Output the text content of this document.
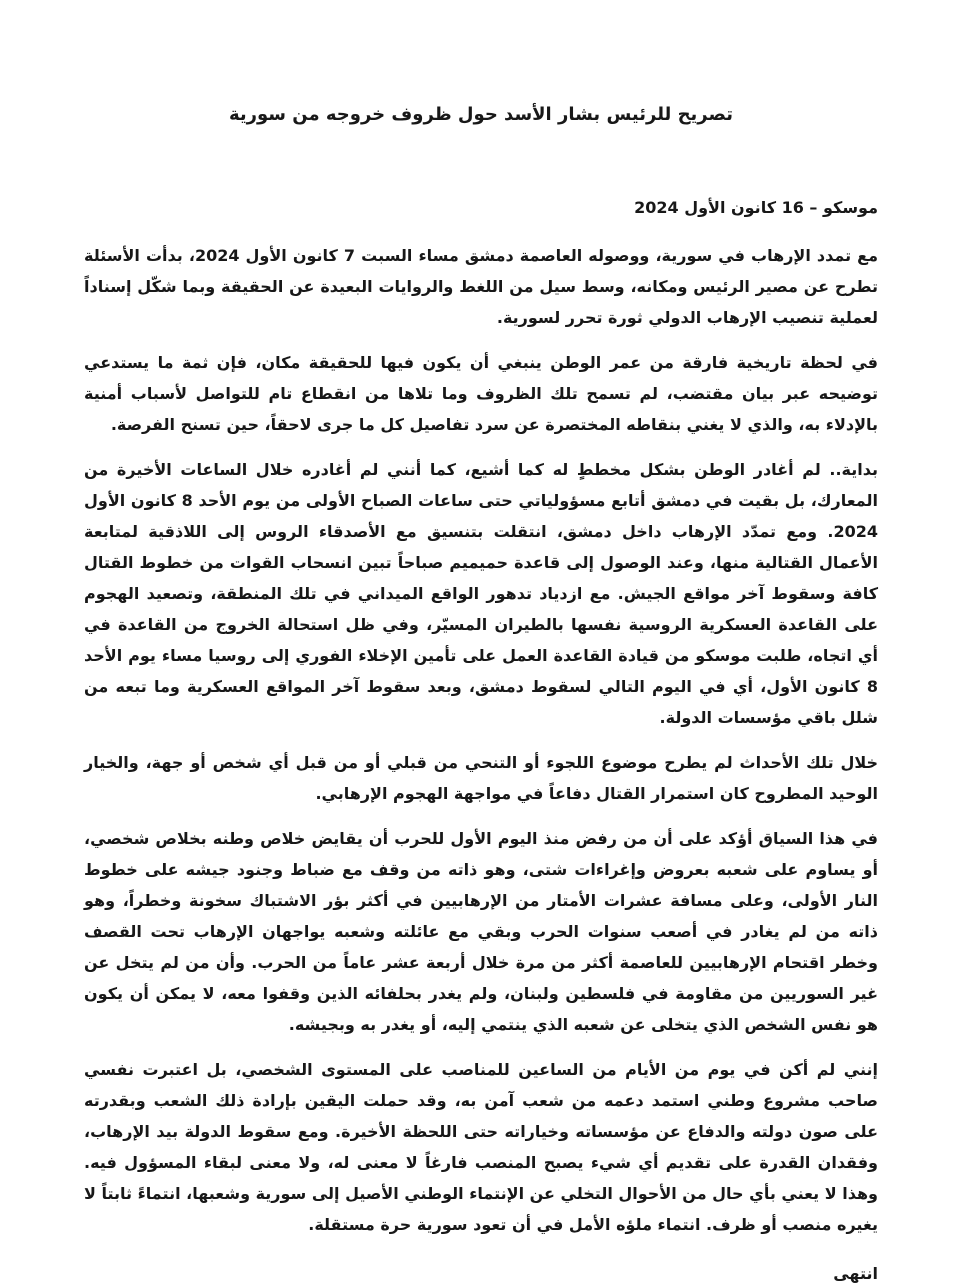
تصريح للرئيس بشار الأسد حول ظروف خروجه من سورية
موسكو – 16 كانون الأول 2024

مع تمدد الإرهاب في سورية، ووصوله العاصمة دمشق مساء السبت 7 كانون الأول 2024، بدأت الأسئلة تطرح عن مصير الرئيس ومكانه، وسط سيل من اللغط والروايات البعيدة عن الحقيقة وبما شكّل إسناداً لعملية تنصيب الإرهاب الدولي ثورة تحرر لسورية.

في لحظة تاريخية فارقة من عمر الوطن ينبغي أن يكون فيها للحقيقة مكان، فإن ثمة ما يستدعي توضيحه عبر بيان مقتضب، لم تسمح تلك الظروف وما تلاها من انقطاع تام للتواصل لأسباب أمنية بالإدلاء به، والذي لا يغني بنقاطه المختصرة عن سرد تفاصيل كل ما جرى لاحقاً، حين تسنح الفرصة.

بداية.. لم أغادر الوطن بشكل مخططٍ له كما أشيع، كما أنني لم أغادره خلال الساعات الأخيرة من المعارك، بل بقيت في دمشق أتابع مسؤولياتي حتى ساعات الصباح الأولى من يوم الأحد 8 كانون الأول 2024. ومع تمدّد الإرهاب داخل دمشق، انتقلت بتنسيق مع الأصدقاء الروس إلى اللاذقية لمتابعة الأعمال القتالية منها، وعند الوصول إلى قاعدة حميميم صباحاً تبين انسحاب القوات من خطوط القتال كافة وسقوط آخر مواقع الجيش. مع ازدياد تدهور الواقع الميداني في تلك المنطقة، وتصعيد الهجوم على القاعدة العسكرية الروسية نفسها بالطيران المسيّر، وفي ظل استحالة الخروج من القاعدة في أي اتجاه، طلبت موسكو من قيادة القاعدة العمل على تأمين الإخلاء الفوري إلى روسيا مساء يوم الأحد 8 كانون الأول، أي في اليوم التالي لسقوط دمشق، وبعد سقوط آخر المواقع العسكرية وما تبعه من شلل باقي مؤسسات الدولة.

خلال تلك الأحداث لم يطرح موضوع اللجوء أو التنحي من قبلي أو من قبل أي شخص أو جهة، والخيار الوحيد المطروح كان استمرار القتال دفاعاً في مواجهة الهجوم الإرهابي.

في هذا السياق أؤكد على أن من رفض منذ اليوم الأول للحرب أن يقايض خلاص وطنه بخلاص شخصي، أو يساوم على شعبه بعروض وإغراءات شتى، وهو ذاته من وقف مع ضباط وجنود جيشه على خطوط النار الأولى، وعلى مسافة عشرات الأمتار من الإرهابيين في أكثر بؤر الاشتباك سخونة وخطراً، وهو ذاته من لم يغادر في أصعب سنوات الحرب وبقي مع عائلته وشعبه يواجهان الإرهاب تحت القصف وخطر اقتحام الإرهابيين للعاصمة أكثر من مرة خلال أربعة عشر عاماً من الحرب. وأن من لم يتخل عن غير السوريين من مقاومة في فلسطين ولبنان، ولم يغدر بحلفائه الذين وقفوا معه، لا يمكن أن يكون هو نفس الشخص الذي يتخلى عن شعبه الذي ينتمي إليه، أو يغدر به وبجيشه.

إنني لم أكن في يوم من الأيام من الساعين للمناصب على المستوى الشخصي، بل اعتبرت نفسي صاحب مشروع وطني استمد دعمه من شعب آمن به، وقد حملت اليقين بإرادة ذلك الشعب وبقدرته على صون دولته والدفاع عن مؤسساته وخياراته حتى اللحظة الأخيرة. ومع سقوط الدولة بيد الإرهاب، وفقدان القدرة على تقديم أي شيء يصبح المنصب فارغاً لا معنى له، ولا معنى لبقاء المسؤول فيه. وهذا لا يعني بأي حال من الأحوال التخلي عن الإنتماء الوطني الأصيل إلى سورية وشعبها، انتماءً ثابتاً لا يغيره منصب أو ظرف. انتماء ملؤه الأمل في أن تعود سورية حرة مستقلة.

انتهى
